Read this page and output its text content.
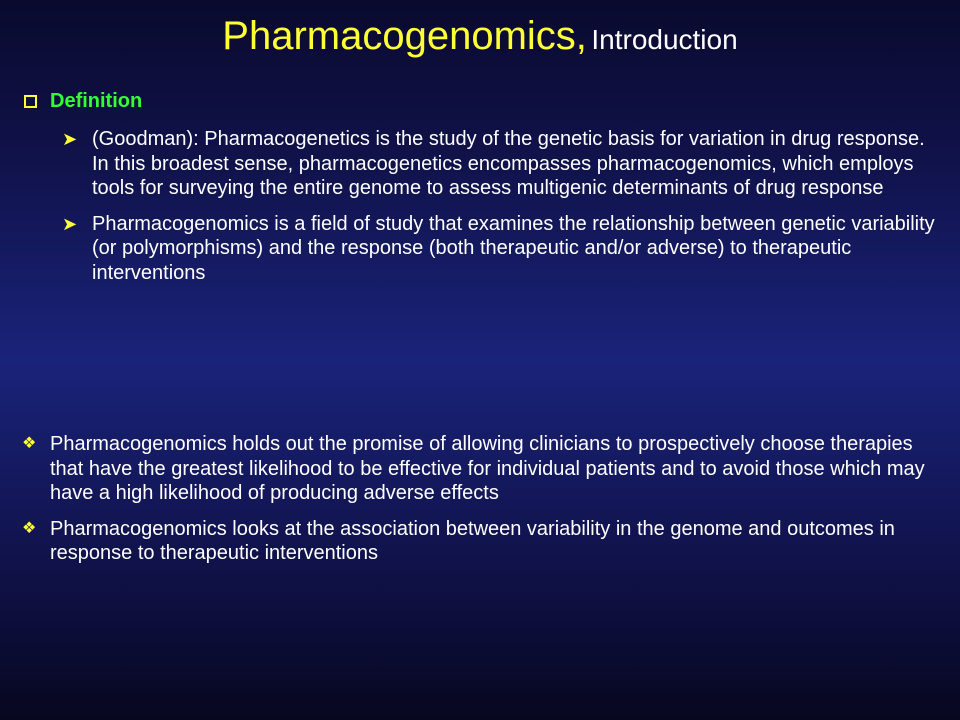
Pharmacogenomics, Introduction
Definition
➤ (Goodman): Pharmacogenetics is the study of the genetic basis for variation in drug response. In this broadest sense, pharmacogenetics encompasses pharmacogenomics, which employs tools for surveying the entire genome to assess multigenic determinants of drug response
➤ Pharmacogenomics is a field of study that examines the relationship between genetic variability (or polymorphisms) and the response (both therapeutic and/or adverse) to therapeutic interventions
❖ Pharmacogenomics holds out the promise of allowing clinicians to prospectively choose therapies that have the greatest likelihood to be effective for individual patients and to avoid those which may have a high likelihood of producing adverse effects
❖ Pharmacogenomics looks at the association between variability in the genome and outcomes in response to therapeutic interventions
